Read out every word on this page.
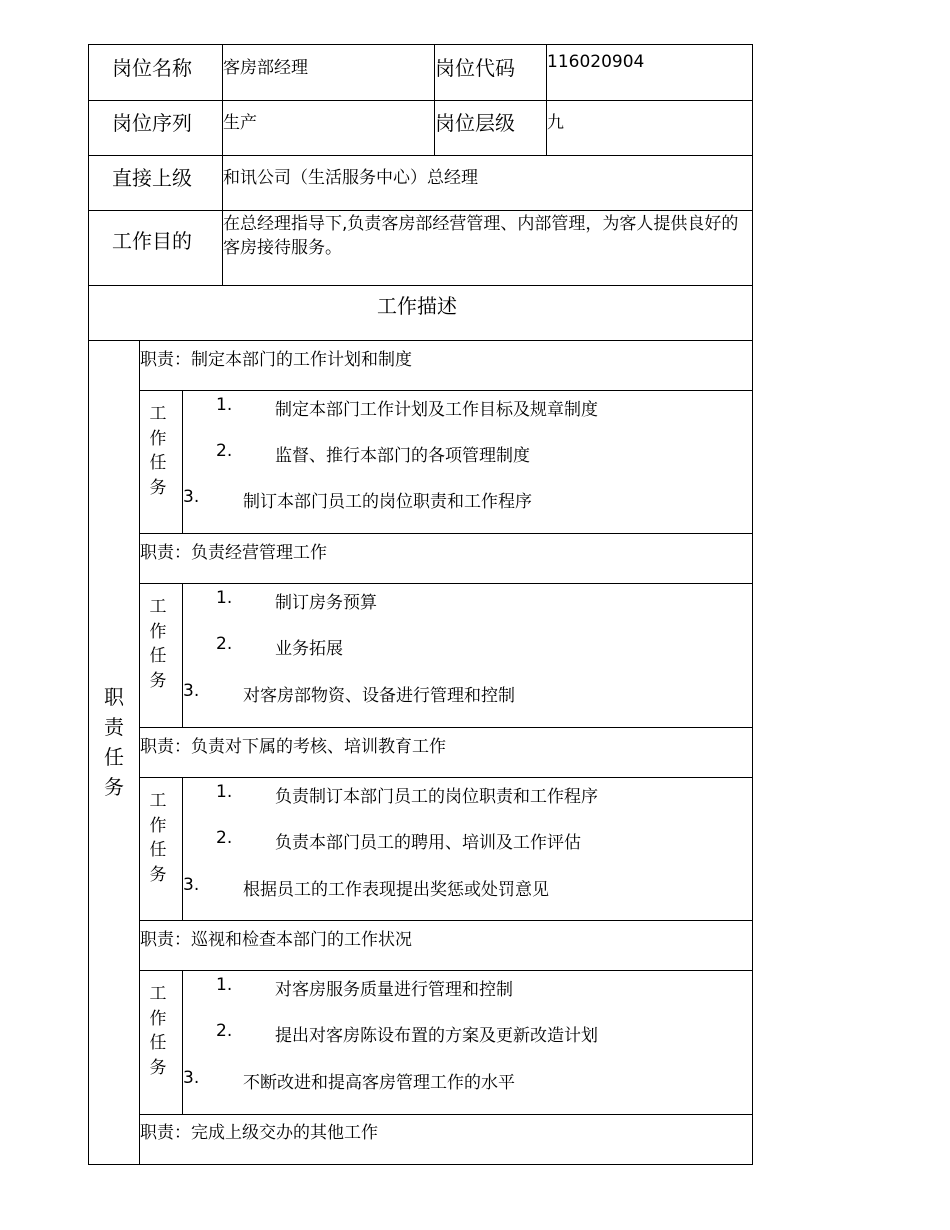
岗位名称 客房部经理	岗位代码 116020904
岗位序列 生产	岗位层级 九
直接上级 和讯公司（生活服务中心）总经理
工作目的
在总经理指导下,负责客房部经营管理、内部管理，为客人提供良好的客房接待服务。
工作描述
职责任务
职责：制定本部门的工作计划和制度
工作任务
1.	制定本部门工作计划及工作目标及规章制度
2.	监督、推行本部门的各项管理制度
3.	制订本部门员工的岗位职责和工作程序
职责：负责经营管理工作
工作任务
1.	制订房务预算
2.	业务拓展
3.	对客房部物资、设备进行管理和控制
职责：负责对下属的考核、培训教育工作
工作任务
1.	负责制订本部门员工的岗位职责和工作程序
2.	负责本部门员工的聘用、培训及工作评估
3.	根据员工的工作表现提出奖惩或处罚意见
职责：巡视和检查本部门的工作状况
工作任务
1.	对客房服务质量进行管理和控制
2.	提出对客房陈设布置的方案及更新改造计划
3.	不断改进和提高客房管理工作的水平
职责：完成上级交办的其他工作
